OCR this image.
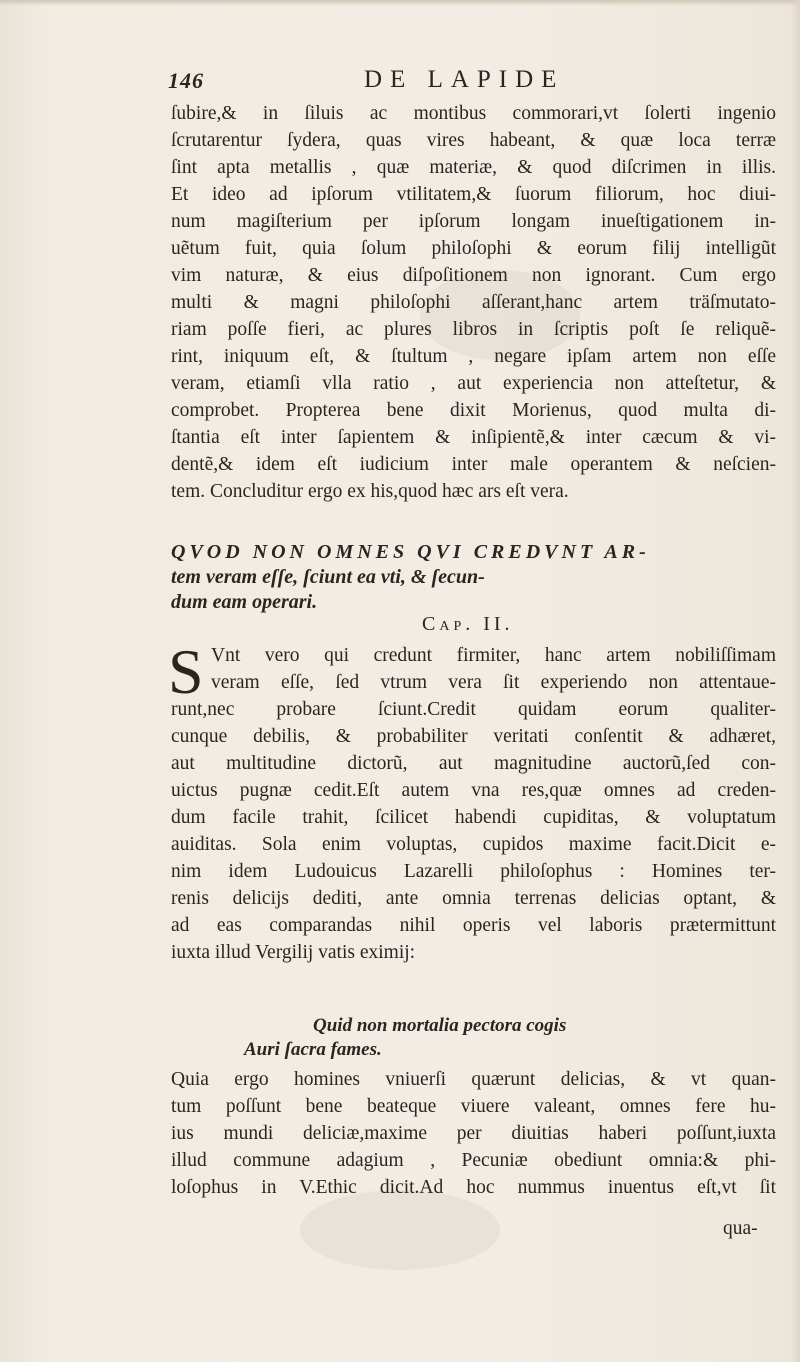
146	DE LAPIDE
ſubire,& in ſiluis ac montibus commorari,vt ſolerti ingenio
ſcrutarentur ſydera, quas vires habeant, & quæ loca terræ
ſint apta metallis , quæ materiæ, & quod diſcrimen in illis.
Et ideo ad ipſorum vtilitatem,& ſuorum filiorum, hoc diui-
num magiſterium per ipſorum longam inueſtigationem in-
uẽtum fuit, quia ſolum philoſophi & eorum filij intelligũt
vim naturæ, & eius diſpoſitionem non ignorant. Cum ergo
multi & magni philoſophi aſſerant,hanc artem träſmutato-
riam poſſe fieri, ac plures libros in ſcriptis poſt ſe reliquẽ-
rint, iniquum eſt, & ſtultum , negare ipſam artem non eſſe
veram, etiamſi vlla ratio , aut experiencia non atteſtetur, &
comprobet. Propterea bene dixit Morienus, quod multa di-
ſtantia eſt inter ſapientem & inſipientẽ,& inter cæcum & vi-
dentẽ,& idem eſt iudicium inter male operantem & neſcien-
tem. Concluditur ergo ex his,quod hæc ars eſt vera.
QVOD NON OMNES QVI CREDVNT AR-
tem veram eſſe, ſciunt ea vti, & ſecun-
dum eam operari.
Cap. II.
S Vnt vero qui credunt firmiter, hanc artem nobiliſſimam
veram eſſe, ſed vtrum vera ſit experiendo non attentaue-
runt,nec probare ſciunt.Credit quidam eorum qualiter-
cunque debilis, & probabiliter veritati conſentit & adhæret,
aut multitudine dictorũ, aut magnitudine auctorũ,ſed con-
uictus pugnæ cedit.Eſt autem vna res,quæ omnes ad creden-
dum facile trahit, ſcilicet habendi cupiditas, & voluptatum
auiditas. Sola enim voluptas, cupidos maxime facit.Dicit e-
nim idem Ludouicus Lazarelli philoſophus : Homines ter-
renis delicijs dediti, ante omnia terrenas delicias optant, &
ad eas comparandas nihil operis vel laboris prætermittunt
iuxta illud Vergilij vatis eximij:
Quid non mortalia pectora cogis
Auri ſacra fames.
Quia ergo homines vniuerſi quærunt delicias, & vt quan-
tum poſſunt bene beateque viuere valeant, omnes fere hu-
ius mundi deliciæ,maxime per diuitias haberi poſſunt,iuxta
illud commune adagium , Pecuniæ obediunt omnia:& phi-
loſophus in V.Ethic dicit.Ad hoc nummus inuentus eſt,vt ſit
qua-
